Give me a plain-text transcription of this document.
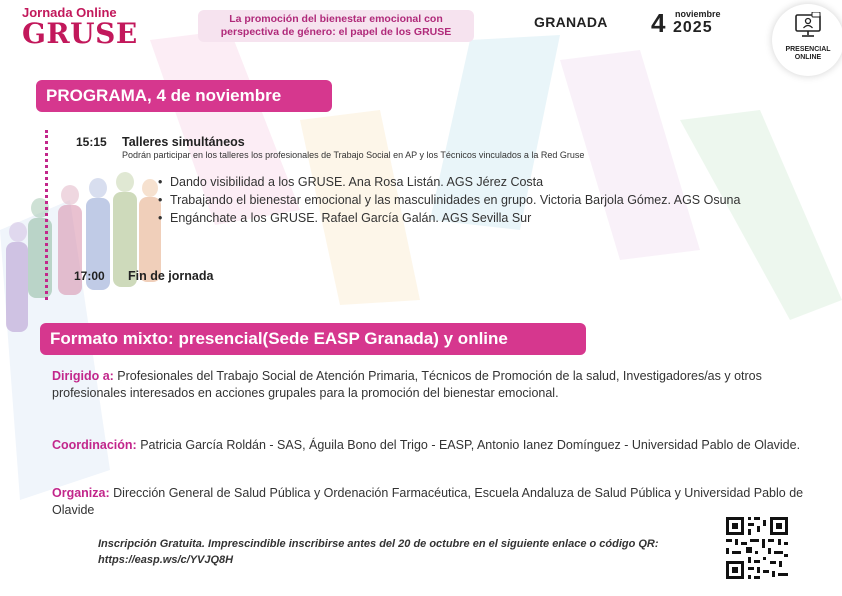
Jornada Online
GRUSE	La promoción del bienestar emocional con
perspectiva de género: el papel de los GRUSE
GRANADA 4 noviembre
2025
PRESENCIAL
ONLINE
PROGRAMA, 4 de noviembre
15:15 Talleres simultáneos
Podrán participar en los talleres los profesionales de Trabajo Social en AP y los Técnicos vinculados a la Red Gruse
• Dando visibilidad a los GRUSE. Ana Rosa Listán. AGS Jérez Costa
• Trabajando el bienestar emocional y las masculinidades en grupo. Victoria Barjola Gómez. AGS Osuna
• Engánchate a los GRUSE. Rafael García Galán. AGS Sevilla Sur
17:00 Fin de jornada
Formato mixto: presencial(Sede EASP Granada) y online
Dirigido a: Profesionales del Trabajo Social de Atención Primaria, Técnicos de Promoción de la salud, Investigadores/as y otros profesionales interesados en acciones grupales para la promoción del bienestar emocional.
Coordinación: Patricia García Roldán - SAS, Águila Bono del Trigo - EASP, Antonio Ianez Domínguez - Universidad Pablo de Olavide.
Organiza: Dirección General de Salud Pública y Ordenación Farmacéutica, Escuela Andaluza de Salud Pública y Universidad Pablo de Olavide
Inscripción Gratuita. Imprescindible inscribirse antes del 20 de octubre en el siguiente enlace o código QR: https://easp.ws/c/YVJQ8H
